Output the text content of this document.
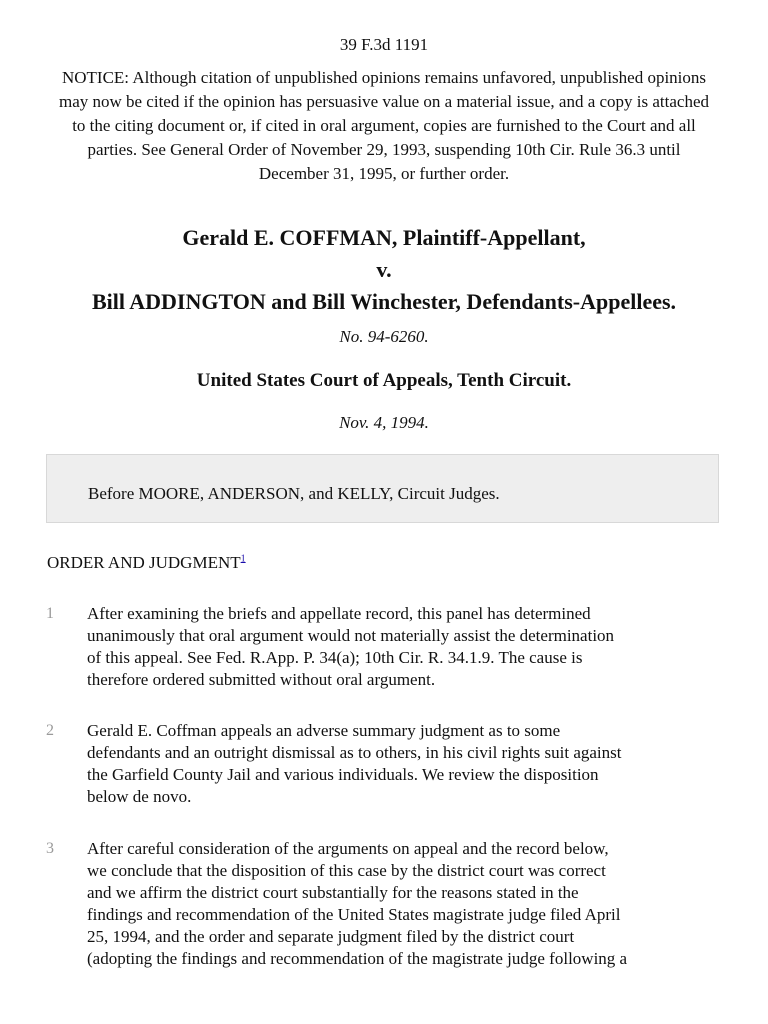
39 F.3d 1191
NOTICE: Although citation of unpublished opinions remains unfavored, unpublished opinions may now be cited if the opinion has persuasive value on a material issue, and a copy is attached to the citing document or, if cited in oral argument, copies are furnished to the Court and all parties. See General Order of November 29, 1993, suspending 10th Cir. Rule 36.3 until December 31, 1995, or further order.
Gerald E. COFFMAN, Plaintiff-Appellant,
v.
Bill ADDINGTON and Bill Winchester, Defendants-Appellees.
No. 94-6260.
United States Court of Appeals, Tenth Circuit.
Nov. 4, 1994.
Before MOORE, ANDERSON, and KELLY, Circuit Judges.
ORDER AND JUDGMENT$^1$
1 After examining the briefs and appellate record, this panel has determined
unanimously that oral argument would not materially assist the determination
of this appeal. See Fed. R.App. P. 34(a); 10th Cir. R. 34.1.9. The cause is
therefore ordered submitted without oral argument.
2 Gerald E. Coffman appeals an adverse summary judgment as to some
defendants and an outright dismissal as to others, in his civil rights suit against
the Garfield County Jail and various individuals. We review the disposition
below de novo.
3 After careful consideration of the arguments on appeal and the record below,
we conclude that the disposition of this case by the district court was correct
and we affirm the district court substantially for the reasons stated in the
findings and recommendation of the United States magistrate judge filed April
25, 1994, and the order and separate judgment filed by the district court
(adopting the findings and recommendation of the magistrate judge following a
